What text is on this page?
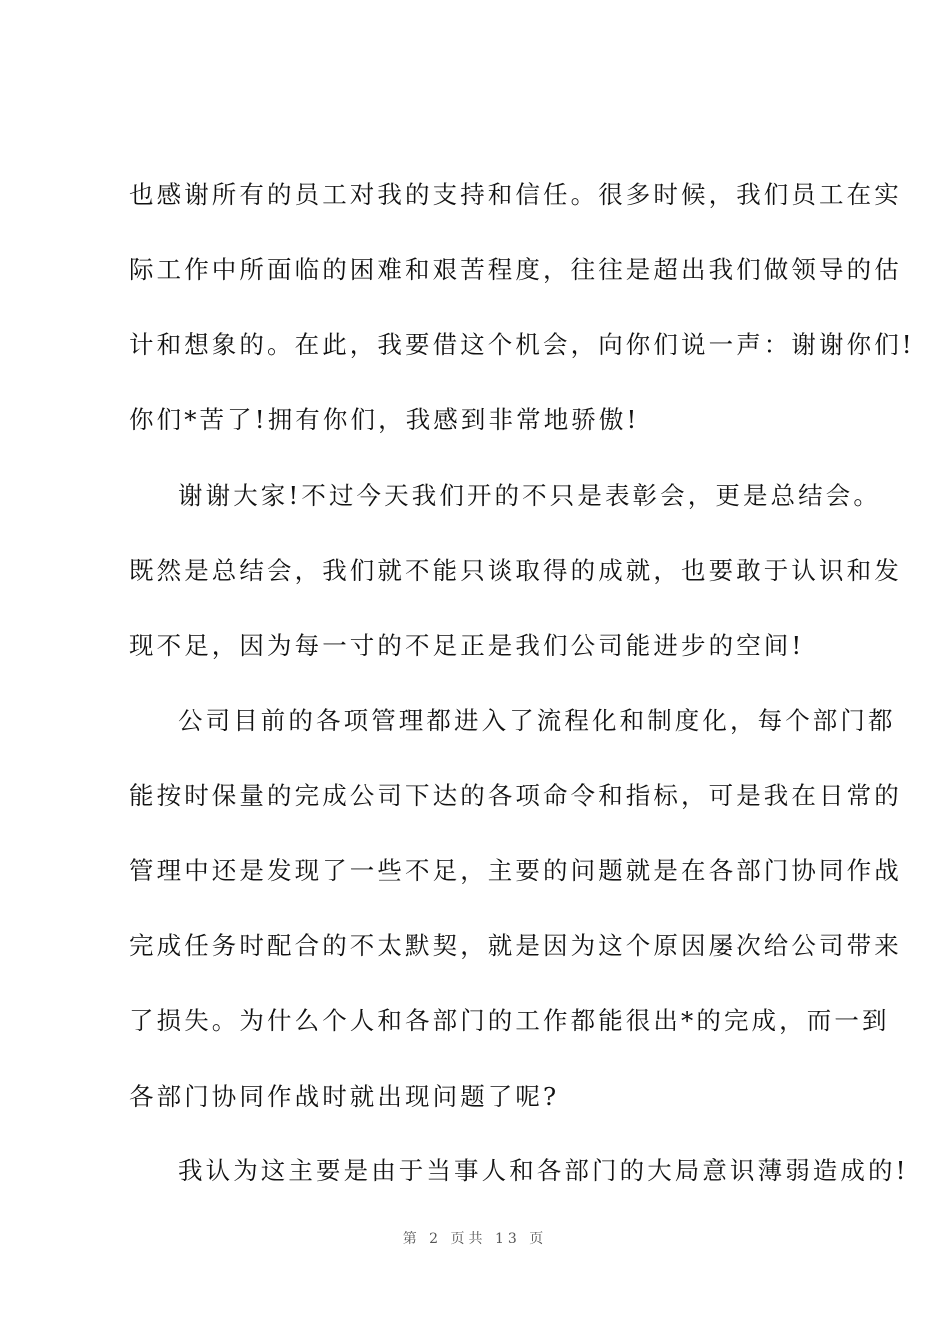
也感谢所有的员工对我的支持和信任。很多时候，我们员工在实
际工作中所面临的困难和艰苦程度，往往是超出我们做领导的估
计和想象的。在此，我要借这个机会，向你们说一声：谢谢你们!
你们*苦了!拥有你们，我感到非常地骄傲!
谢谢大家!不过今天我们开的不只是表彰会，更是总结会。
既然是总结会，我们就不能只谈取得的成就，也要敢于认识和发
现不足，因为每一寸的不足正是我们公司能进步的空间!
公司目前的各项管理都进入了流程化和制度化，每个部门都
能按时保量的完成公司下达的各项命令和指标，可是我在日常的
管理中还是发现了一些不足，主要的问题就是在各部门协同作战
完成任务时配合的不太默契，就是因为这个原因屡次给公司带来
了损失。为什么个人和各部门的工作都能很出*的完成，而一到
各部门协同作战时就出现问题了呢?
我认为这主要是由于当事人和各部门的大局意识薄弱造成的!
第 2 页共 13 页
